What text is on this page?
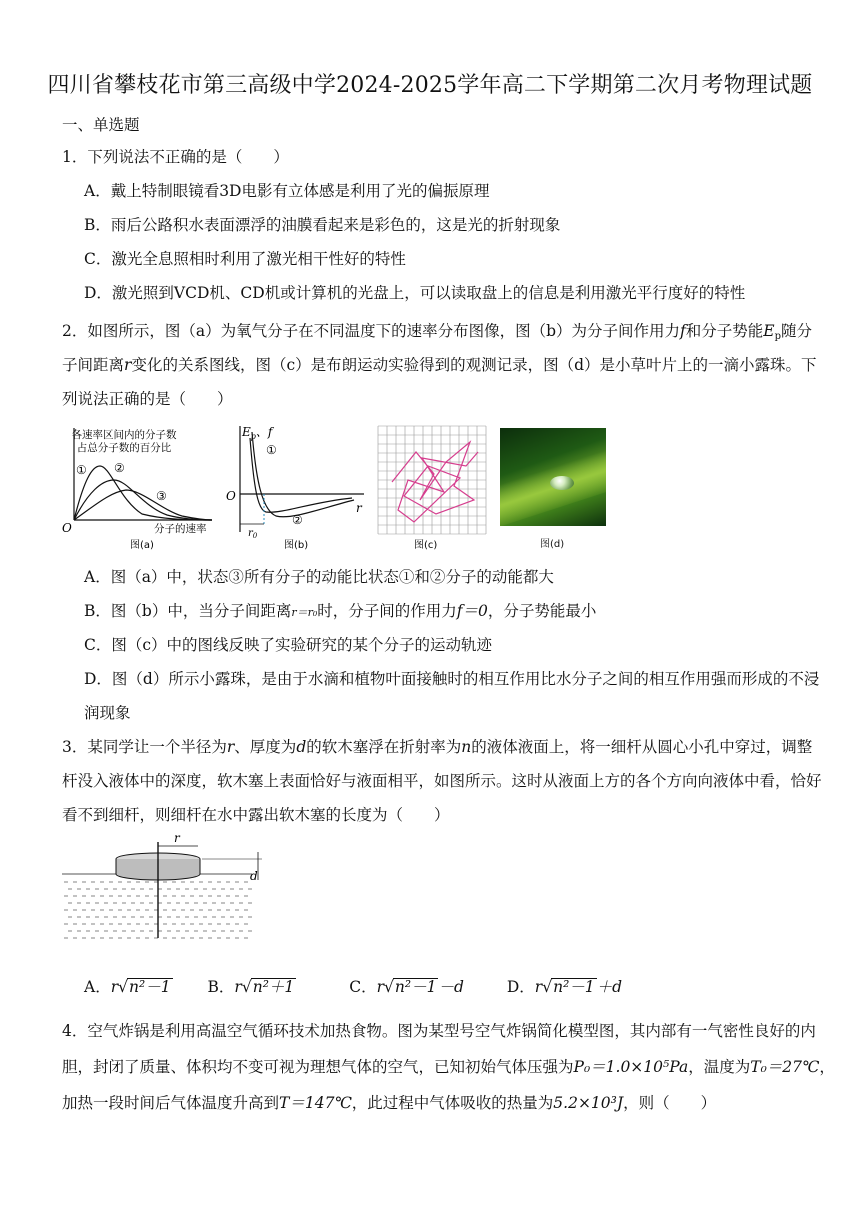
四川省攀枝花市第三高级中学2024-2025学年高二下学期第二次月考物理试题
一、单选题
1．下列说法不正确的是（　　）
A．戴上特制眼镜看3D电影有立体感是利用了光的偏振原理
B．雨后公路积水表面漂浮的油膜看起来是彩色的，这是光的折射现象
C．激光全息照相时利用了激光相干性好的特性
D．激光照到VCD机、CD机或计算机的光盘上，可以读取盘上的信息是利用激光平行度好的特性
2．如图所示，图（a）为氧气分子在不同温度下的速率分布图像，图（b）为分子间作用力f和分子势能$E_p$随分
子间距离r变化的关系图线，图（c）是布朗运动实验得到的观测记录，图（d）是小草叶片上的一滴小露珠。下
列说法正确的是（　　）
各速率区间内的分子数
占总分子数的百分比
① ②
③
O	分子的速率
图(a)
$E_p$、f
①
②
O
r
$r_0$
图(b)	图(c)	图(d)
A．图（a）中，状态③所有分子的动能比状态①和②分子的动能都大
B．图（b）中，当分子间距离r＝r₀时，分子间的作用力f＝0，分子势能最小
C．图（c）中的图线反映了实验研究的某个分子的运动轨迹
D．图（d）所示小露珠，是由于水滴和植物叶面接触时的相互作用比水分子之间的相互作用强而形成的不浸
润现象
3．某同学让一个半径为r、厚度为d的软木塞浮在折射率为n的液体液面上，将一细杆从圆心小孔中穿过，调整
杆没入液体中的深度，软木塞上表面恰好与液面相平，如图所示。这时从液面上方的各个方向向液体中看，恰好
看不到细杆，则细杆在水中露出软木塞的长度为（　　）
r
d
A．r√n²－1 B．r√n²＋1	C．r√n²－1 －d	D．r√n²－1 ＋d
4．空气炸锅是利用高温空气循环技术加热食物。图为某型号空气炸锅简化模型图，其内部有一气密性良好的内
胆，封闭了质量、体积均不变可视为理想气体的空气，已知初始气体压强为P₀＝1.0×10⁵Pa，温度为T₀＝27℃，
加热一段时间后气体温度升高到T＝147℃，此过程中气体吸收的热量为5.2×10³J，则（　　）
